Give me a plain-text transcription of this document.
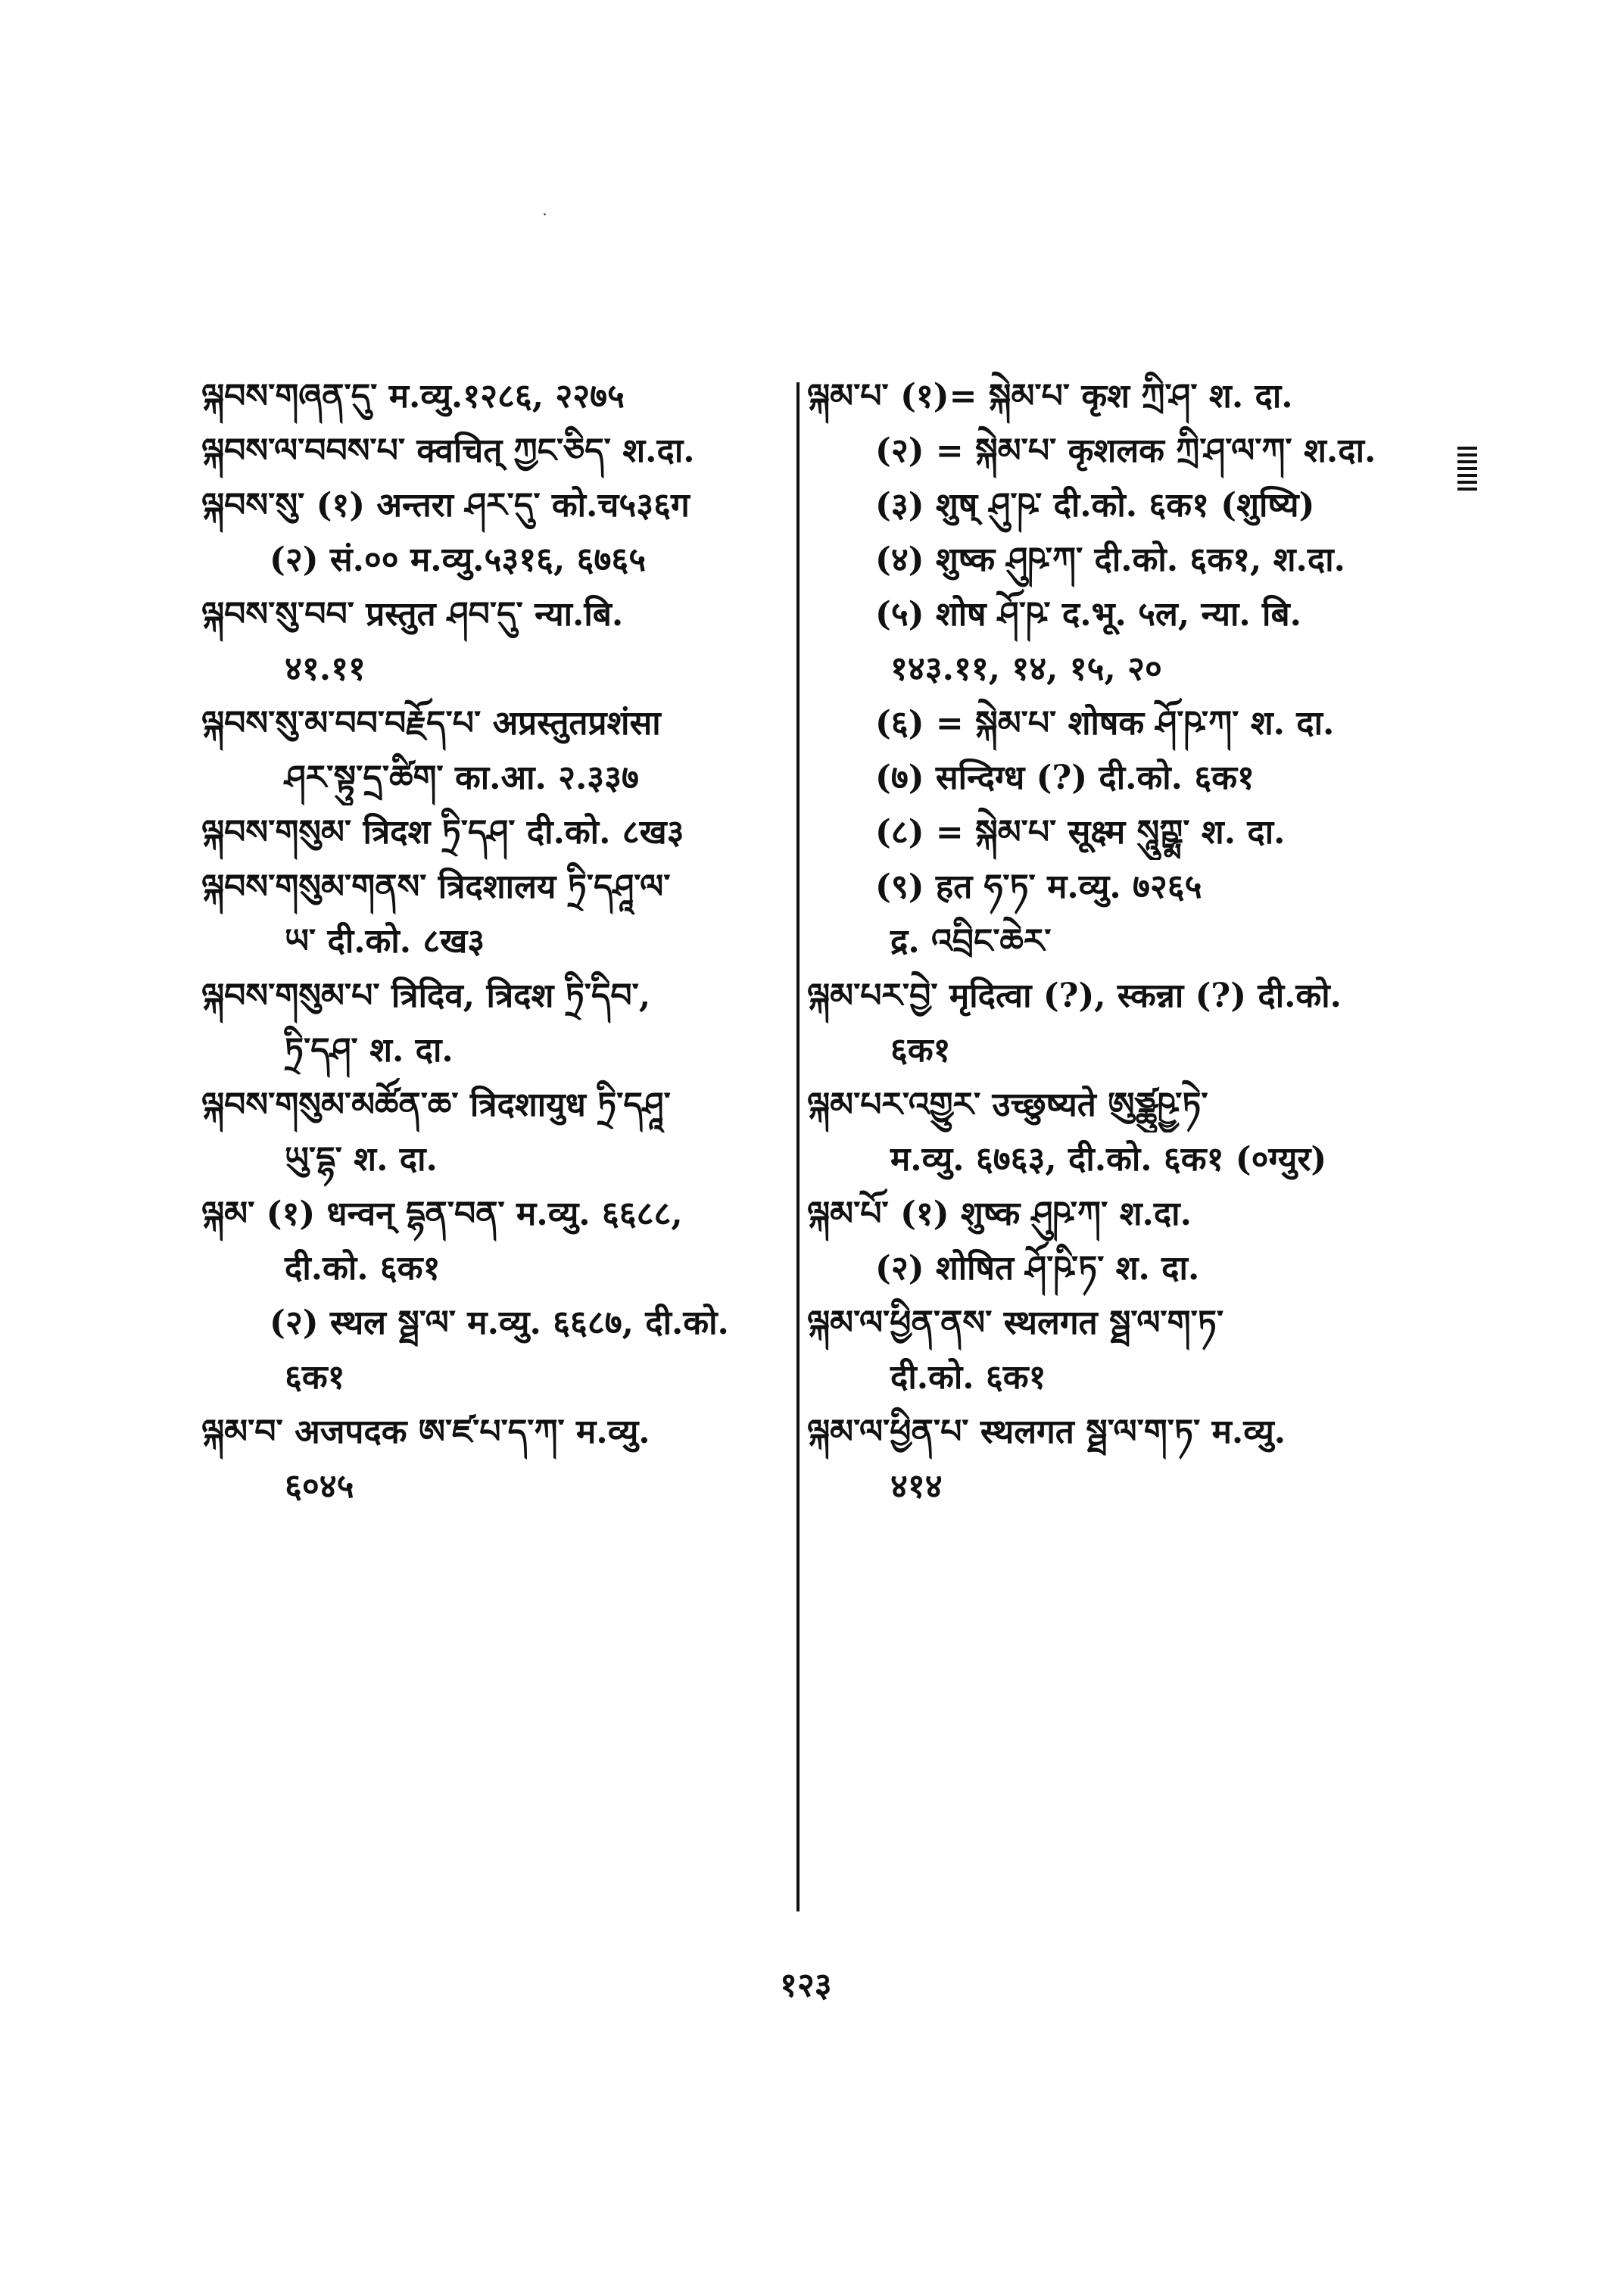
·
ལྐབས་གཞན་དུ་ म.व्यु.१२८६, २२७५
ལྐབས་ལ་བབས་པ་ क्वचित् ཀྱང་ཅིད་ श.दा.
ལྐབས་སུ་ (१) अन्तरा ཤར་དུ་ को.च५३६ग
(२) सं.०० म.व्यु.५३१६, ६७६५
ལྐབས་སུ་བབ་ प्रस्तुत ཤབ་དུ་ न्या.बि.
४१.११
ལྐབས་སུ་མ་བབ་བརྗོད་པ་ अप्रस्तुतप्रशंसा
ཤར་སྟུ་དྲ་ཚིག་ का.आ. २.३३७
ལྐབས་གསུམ་ त्रिदश ཏྲི་དཤ་ दी.को. ८ख३
ལྐབས་གསུམ་གནས་ त्रिदशालय ཏྲི་དཤཱ་ལ་
ཡ་ दी.को. ८ख३
ལྐབས་གསུམ་པ་ त्रिदिव, त्रिदश ཏྲི་དིབ་,
ཏྲི་དཤ་ श. दा.
ལྐབས་གསུམ་མཚོན་ཆ་ त्रिदशायुध ཏྲི་དཤཱ་
ཡུ་དྷ་ श. दा.
ལྐམ་ (१) धन्वन् དྷན་བན་ म.व्यु. ६६८८,
दी.को. ६क१
(२) स्थल སྠ་ལ་ म.व्यु. ६६८७, दी.को.
६क१
ལྐམ་བ་ अजपदक ཨ་ཛ་པ་ད་ཀ་ म.व्यु.
६०४५
ལྐམ་པ་ (१)= སྐེམ་པ་ कृश ཀྲི་ཤ་ श. दा.
(२) = སྐེམ་པ་ कृशलक ཀྲི་ཤ་ལ་ཀ་ श.दा.
(३) शुष् ཤུ་ཥ་ दी.को. ६क१ (शुष्यि)
(४) शुष्क ཤུཥ་ཀ་ दी.को. ६क१, श.दा.
(५) शोष ཤོ་ཥ་ द.भू. ५ल, न्या. बि.
१४३.११, १४, १५, २०
(६) = སྐེམ་པ་ शोषक ཤོ་ཥ་ཀ་ श. दा.
(७) सन्दिग्ध (?) दी.को. ६क१
(८) = སྐེམ་པ་ सूक्ष्म སཱུཀྵྨ་ श. दा.
(९) हत ཧ་ཏ་ म.व्यु. ७२६५
द्र. འབྲིང་ཆེར་
ལྐམ་པར་བྱེ་ मृदित्वा (?), स्कन्ना (?) दी.को.
६क१
ལྐམ་པར་འགྱུར་ उच्छुष्यते ཨུཙྪུཥྱ་ཏེ་
म.व्यु. ६७६३, दी.को. ६क१ (०ग्युर)
ལྐམ་པོ་ (१) शुष्क ཤུཥ་ཀ་ श.दा.
(२) शोषित ཤོ་ཥི་ཏ་ श. दा.
ལྐམ་ལ་ཕྱིན་ནས་ स्थलगत སྠ་ལ་ག་ཏ་
दी.को. ६क१
ལྐམ་ལ་ཕྱིན་པ་ स्थलगत སྠ་ལ་ག་ཏ་ म.व्यु.
४१४
१२३
